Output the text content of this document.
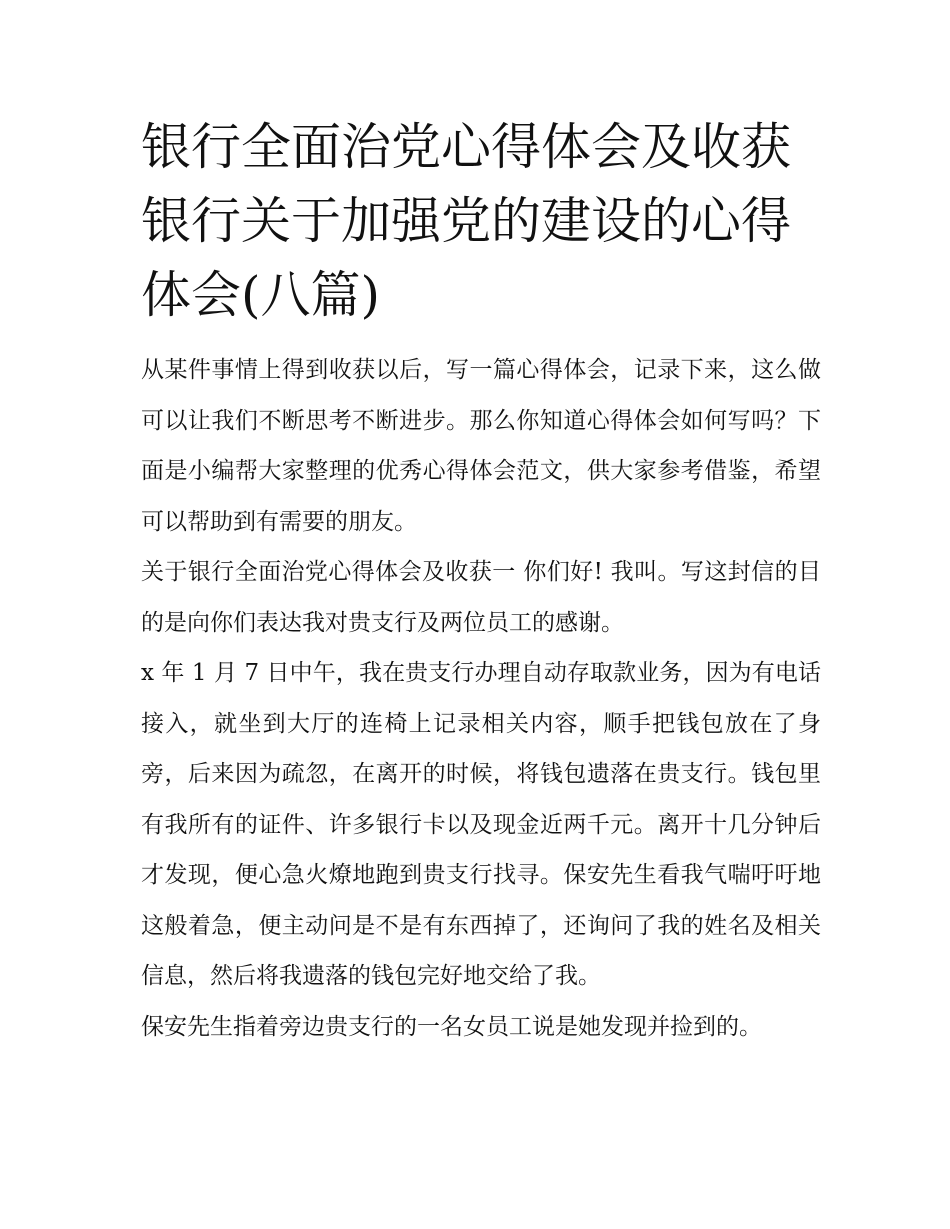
银行全面治党心得体会及收获银行关于加强党的建设的心得体会(八篇)

从某件事情上得到收获以后，写一篇心得体会，记录下来，这么做可以让我们不断思考不断进步。那么你知道心得体会如何写吗？下面是小编帮大家整理的优秀心得体会范文，供大家参考借鉴，希望可以帮助到有需要的朋友。

关于银行全面治党心得体会及收获一 你们好! 我叫。写这封信的目的是向你们表达我对贵支行及两位员工的感谢。

x 年 1 月 7 日中午，我在贵支行办理自动存取款业务，因为有电话接入，就坐到大厅的连椅上记录相关内容，顺手把钱包放在了身旁，后来因为疏忽，在离开的时候，将钱包遗落在贵支行。钱包里有我所有的证件、许多银行卡以及现金近两千元。离开十几分钟后才发现，便心急火燎地跑到贵支行找寻。保安先生看我气喘吁吁地这般着急，便主动问是不是有东西掉了，还询问了我的姓名及相关信息，然后将我遗落的钱包完好地交给了我。

保安先生指着旁边贵支行的一名女员工说是她发现并捡到的。
